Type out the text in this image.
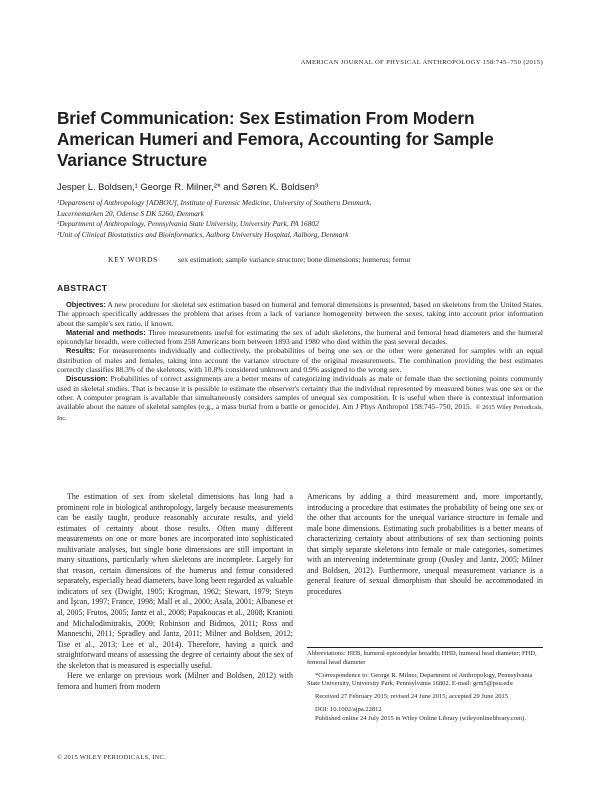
AMERICAN JOURNAL OF PHYSICAL ANTHROPOLOGY 158:745–750 (2015)
Brief Communication: Sex Estimation From Modern American Humeri and Femora, Accounting for Sample Variance Structure
Jesper L. Boldsen,¹ George R. Milner,²* and Søren K. Boldsen³
¹Department of Anthropology [ADBOU], Institute of Forensic Medicine, University of Southern Denmark,
Lucernemarken 20, Odense S DK 5260, Denmark
²Department of Anthropology, Pennsylvania State University, University Park, PA 16802
³Unit of Clinical Biostatistics and Bioinformatics, Aalborg University Hospital, Aalborg, Denmark
KEY WORDS	sex estimation; sample variance structure; bone dimensions; humerus; femur
ABSTRACT

Objectives: A new procedure for skeletal sex estimation based on humeral and femoral dimensions is presented, based on skeletons from the United States. The approach specifically addresses the problem that arises from a lack of variance homogeneity between the sexes, taking into account prior information about the sample's sex ratio, if known.

Material and methods: Three measurements useful for estimating the sex of adult skeletons, the humeral and femoral head diameters and the humeral epicondylar breadth, were collected from 258 Americans born between 1893 and 1980 who died within the past several decades.

Results: For measurements individually and collectively, the probabilities of being one sex or the other were generated for samples with an equal distribution of males and females, taking into account the variance structure of the original measurements. The combination providing the best estimates correctly classifies 88.3% of the skeletons, with 10.8% considered unknown and 0.9% assigned to the wrong sex.

Discussion: Probabilities of correct assignments are a better means of categorizing individuals as male or female than the sectioning points commonly used in skeletal studies. That is because it is possible to estimate the observer's certainty that the individual represented by measured bones was one sex or the other. A computer program is available that simultaneously considers samples of unequal sex composition. It is useful when there is contextual information available about the nature of skeletal samples (e.g., a mass burial from a battle or genocide). Am J Phys Anthropol 158:745–750, 2015. © 2015 Wiley Periodicals, Inc.

The estimation of sex from skeletal dimensions has long had a prominent role in biological anthropology, largely because measurements can be easily taught, produce reasonably accurate results, and yield estimates of certainty about those results. Often many different measurements on one or more bones are incorporated into sophisticated multivariate analyses, but single bone dimensions are still important in many situations, particularly when skeletons are incomplete. Largely for that reason, certain dimensions of the humerus and femur considered separately, especially head diameters, have long been regarded as valuable indicators of sex (Dwight, 1905; Krogman, 1962; Stewart, 1979; Steyn and İşcan, 1997; France, 1998; Mall et al., 2000; Asala, 2001; Albanese et al, 2005; Frutos, 2005; Jantz et al., 2008; Papakoucas et al., 2008; Kranioti and Michalodimitrakis, 2009; Robinson and Bidmos, 2011; Ross and Manneschi, 2011; Spradley and Jantz, 2011; Milner and Boldsen, 2012; Tise et al., 2013; Lee et al., 2014). Therefore, having a quick and straightforward means of assessing the degree of certainty about the sex of the skeleton that is measured is especially useful.

Here we enlarge on previous work (Milner and Boldsen, 2012) with femora and humeri from modern

Americans by adding a third measurement and, more importantly, introducing a procedure that estimates the probability of being one sex or the other that accounts for the unequal variance structure in female and male bone dimensions. Estimating such probabilities is a better means of characterizing certainty about attributions of sex than sectioning points that simply separate skeletons into female or male categories, sometimes with an intervening indeterminate group (Ousley and Jantz, 2005; Milner and Boldsen, 2012). Furthermore, unequal measurement variance is a general feature of sexual dimorphism that should be accommodated in procedures

Abbreviations: HEB, humeral epicondylar breadth; HHD, humeral head diameter; FHD, femoral head diameter

*Correspondence to: George R. Milner, Department of Anthropology, Pennsylvania State University, University Park, Pennsylvania 16802. E-mail: grm5@psu.edu

Received 27 February 2015; revised 24 June 2015; accepted 29 June 2015

DOI: 10.1002/ajpa.22812

Published online 24 July 2015 in Wiley Online Library (wileyonlinelibrary.com).

© 2015 WILEY PERIODICALS, INC.
